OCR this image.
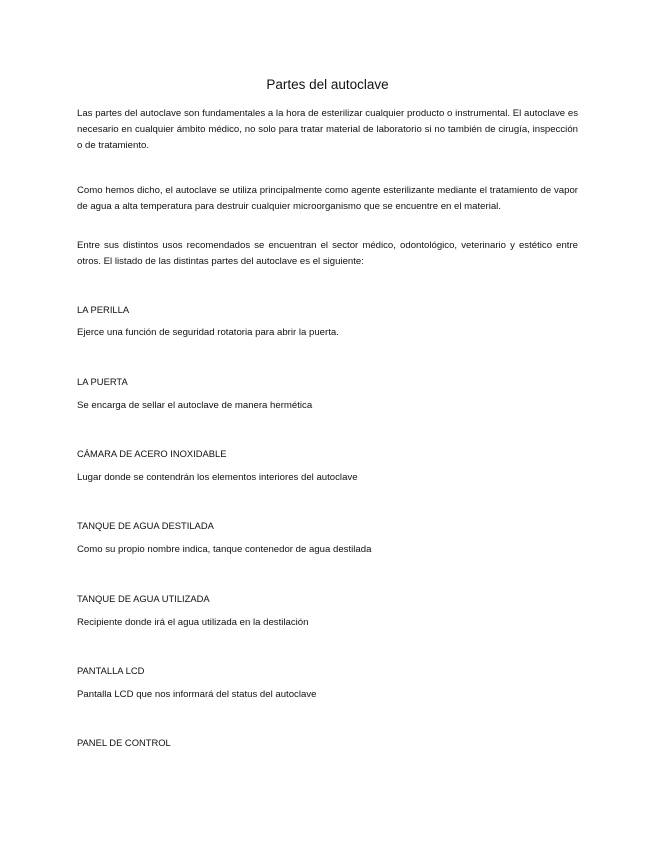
Partes del autoclave

Las partes del autoclave son fundamentales a la hora de esterilizar cualquier producto o instrumental. El autoclave es necesario en cualquier ámbito médico, no solo para tratar material de laboratorio si no también de cirugía, inspección o de tratamiento.

Como hemos dicho, el autoclave se utiliza principalmente como agente esterilizante mediante el tratamiento de vapor de agua a alta temperatura para destruir cualquier microorganismo que se encuentre en el material.

Entre sus distintos usos recomendados se encuentran el sector médico, odontológico, veterinario y estético entre otros. El listado de las distintas partes del autoclave es el siguiente:

LA PERILLA

Ejerce una función de seguridad rotatoria para abrir la puerta.

LA PUERTA

Se encarga de sellar el autoclave de manera hermética

CÁMARA DE ACERO INOXIDABLE

Lugar donde se contendrán los elementos interiores del autoclave

TANQUE DE AGUA DESTILADA

Como su propio nombre indica, tanque contenedor de agua destilada

TANQUE DE AGUA UTILIZADA

Recipiente donde irá el agua utilizada en la destilación

PANTALLA LCD

Pantalla LCD que nos informará del status del autoclave

PANEL DE CONTROL
